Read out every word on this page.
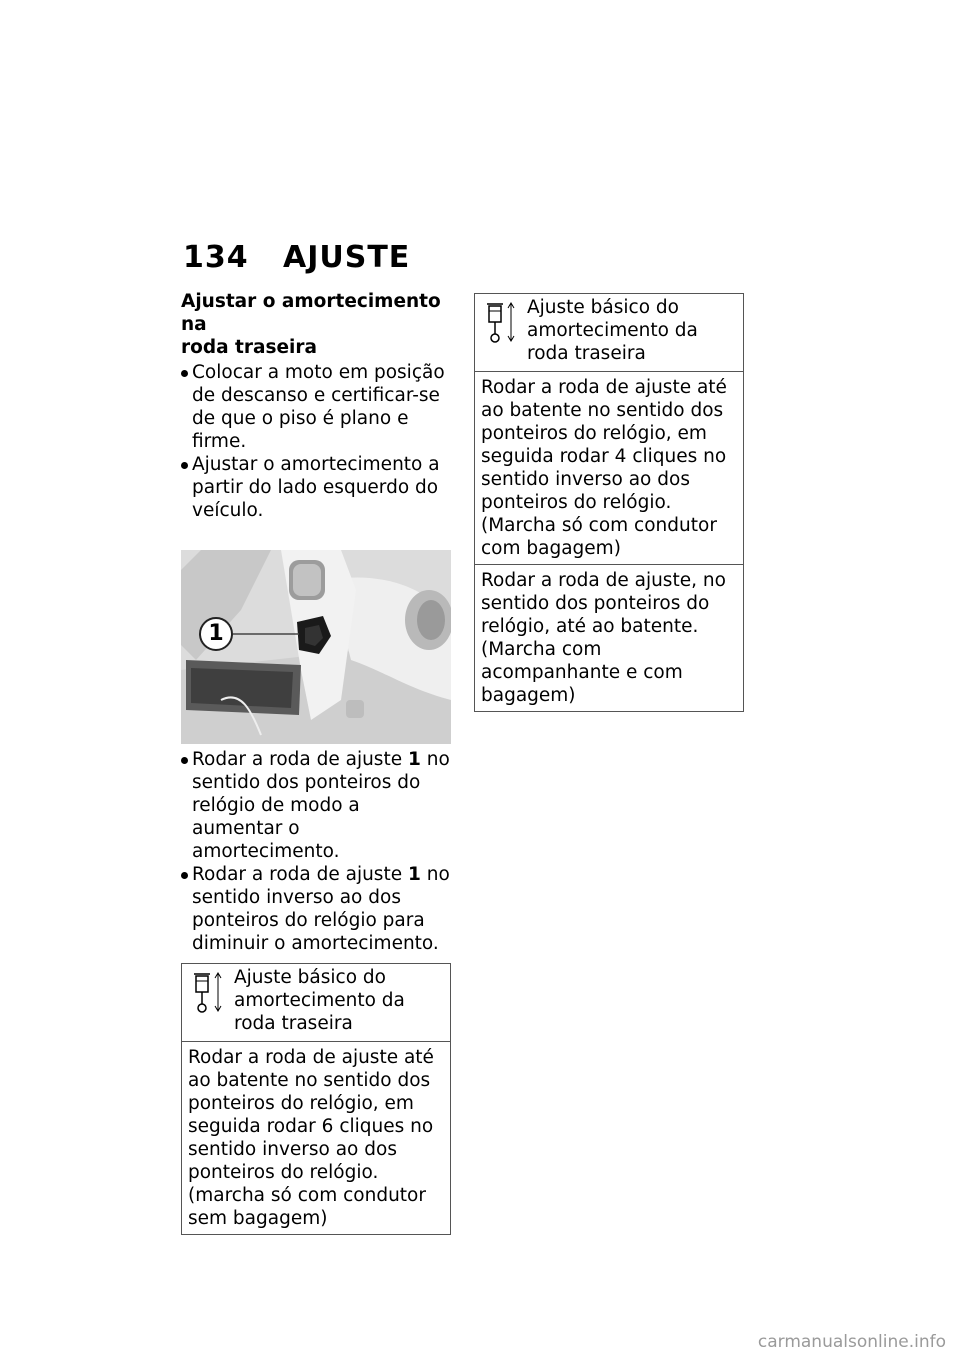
134 AJUSTE
Ajustar o amortecimento na
roda traseira
Colocar a moto em posição de descanso e certificar-se de que o piso é plano e firme.
Ajustar o amortecimento a partir do lado esquerdo do veículo.
1
Rodar a roda de ajuste 1 no sentido dos ponteiros do relógio de modo a aumentar o amortecimento.
Rodar a roda de ajuste 1 no sentido inverso ao dos ponteiros do relógio para diminuir o amortecimento.
Ajuste básico do amortecimento da roda traseira
Rodar a roda de ajuste até ao batente no sentido dos ponteiros do relógio, em seguida rodar 6 cliques no sentido inverso ao dos ponteiros do relógio. (marcha só com condutor sem bagagem)
Ajuste básico do amortecimento da roda traseira
Rodar a roda de ajuste até ao batente no sentido dos ponteiros do relógio, em seguida rodar 4 cliques no sentido inverso ao dos ponteiros do relógio. (Marcha só com condutor com bagagem)
Rodar a roda de ajuste, no sentido dos ponteiros do relógio, até ao batente. (Marcha com acompanhante e com bagagem)
carmanualsonline.info
